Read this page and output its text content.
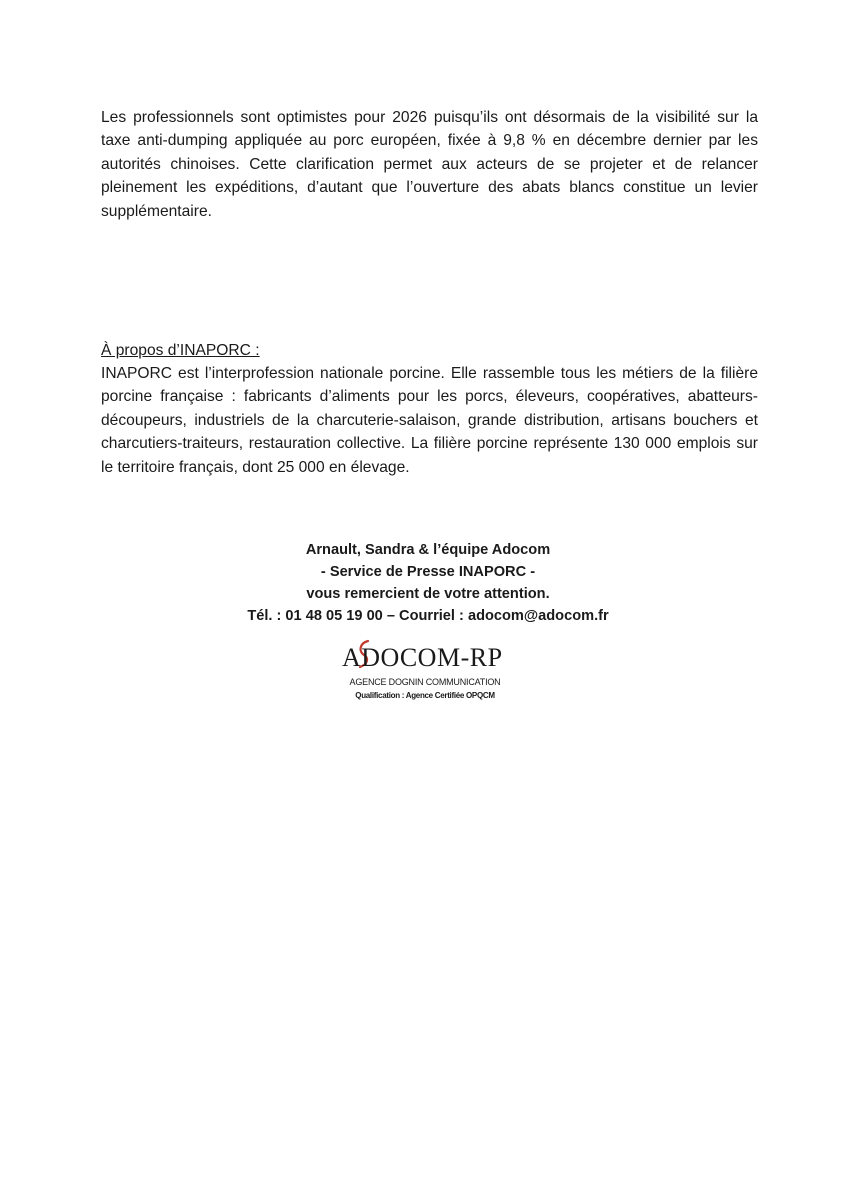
Les professionnels sont optimistes pour 2026 puisqu’ils ont désormais de la visibilité sur la taxe anti-dumping appliquée au porc européen, fixée à 9,8 % en décembre dernier par les autorités chinoises. Cette clarification permet aux acteurs de se projeter et de relancer pleinement les expéditions, d’autant que l’ouverture des abats blancs constitue un levier supplémentaire.

À propos d’INAPORC :

INAPORC est l’interprofession nationale porcine. Elle rassemble tous les métiers de la filière porcine française : fabricants d’aliments pour les porcs, éleveurs, coopératives, abatteurs-découpeurs, industriels de la charcuterie-salaison, grande distribution, artisans bouchers et charcutiers-traiteurs, restauration collective. La filière porcine représente 130 000 emplois sur le territoire français, dont 25 000 en élevage.

Arnault, Sandra & l’équipe Adocom
- Service de Presse INAPORC -
vous remercient de votre attention.
Tél. : 01 48 05 19 00 – Courriel : adocom@adocom.fr
ADOCOM-RP
AGENCE DOGNIN COMMUNICATION
Qualification : Agence Certifiée OPQCM
